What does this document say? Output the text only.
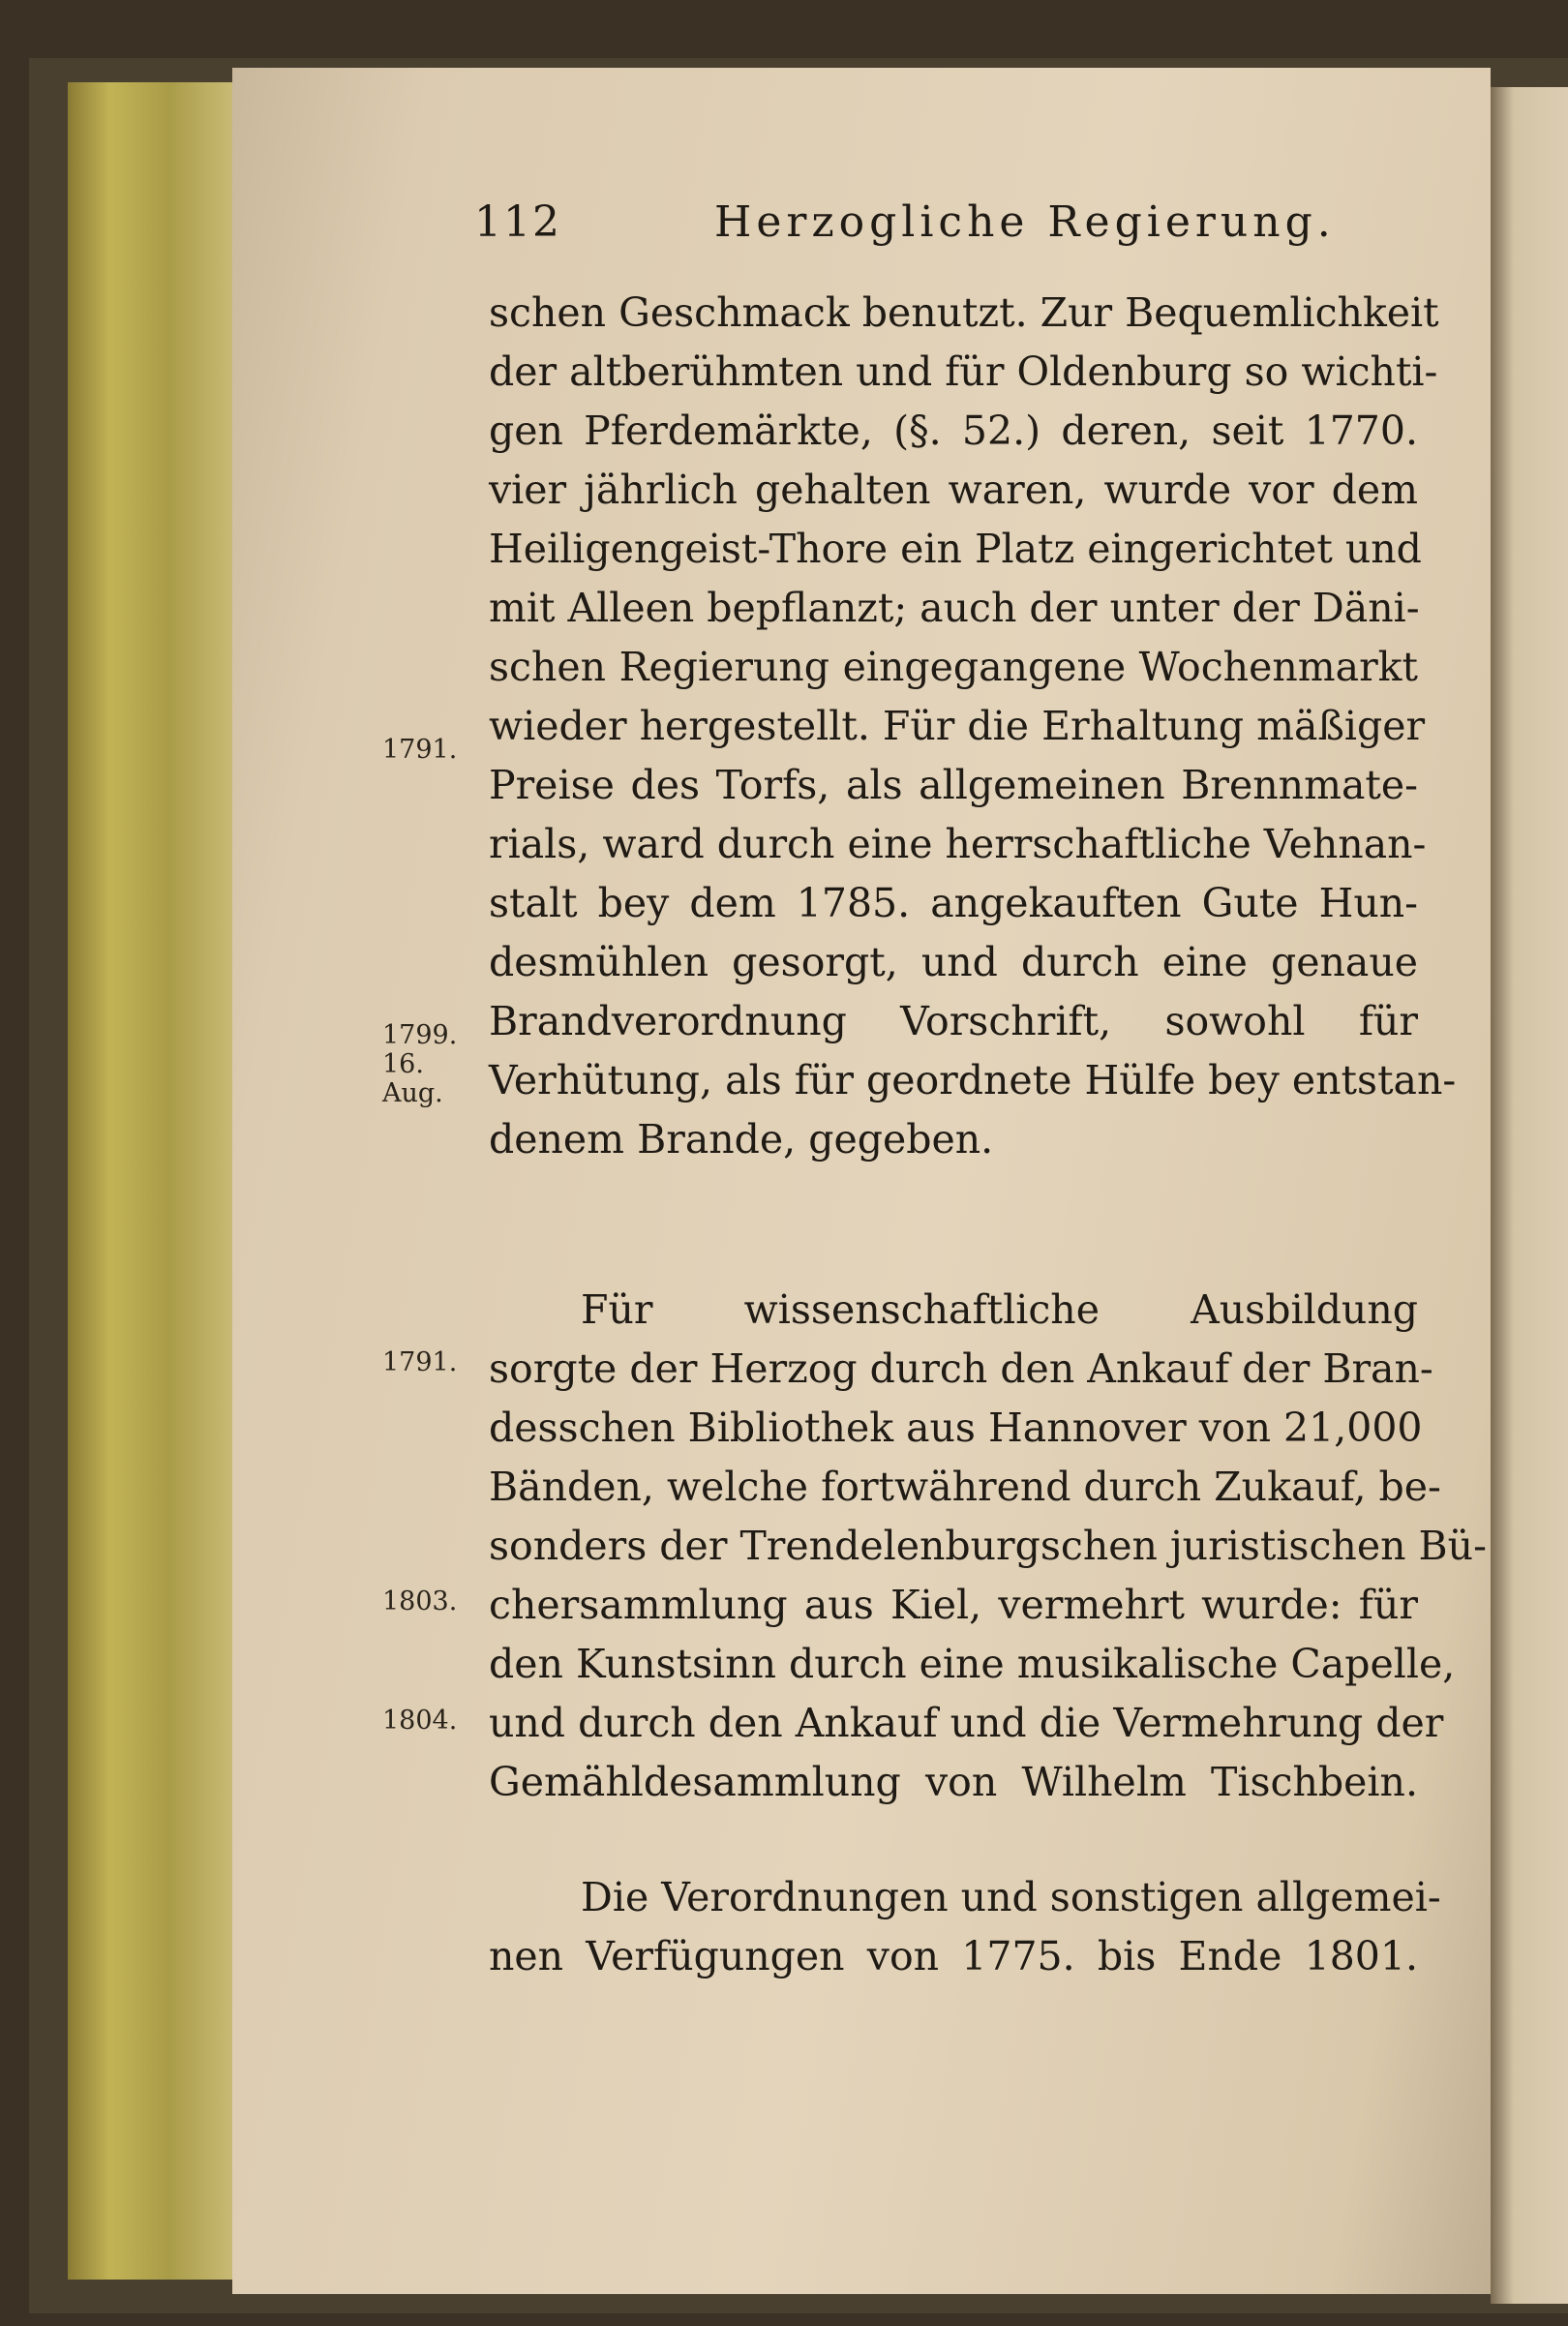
112	Herzogliche Regierung.
schen Geschmack benutzt. Zur Bequemlichkeit
der altberühmten und für Oldenburg so wichti-
gen Pferdemärkte, (§. 52.) deren, seit 1770.
vier jährlich gehalten waren, wurde vor dem
Heiligengeist-Thore ein Platz eingerichtet und
mit Alleen bepflanzt; auch der unter der Däni-
schen Regierung eingegangene Wochenmarkt
wieder hergestellt. Für die Erhaltung mäßiger
Preise des Torfs, als allgemeinen Brennmate-
rials, ward durch eine herrschaftliche Vehnan-
stalt bey dem 1785. angekauften Gute Hun-
desmühlen gesorgt, und durch eine genaue
Brandverordnung Vorschrift, sowohl für
Verhütung, als für geordnete Hülfe bey entstan-
denem Brande, gegeben.
Für wissenschaftliche Ausbildung
sorgte der Herzog durch den Ankauf der Bran-
desschen Bibliothek aus Hannover von 21,000
Bänden, welche fortwährend durch Zukauf, be-
sonders der Trendelenburgschen juristischen Bü-
chersammlung aus Kiel, vermehrt wurde: für
den Kunstsinn durch eine musikalische Capelle,
und durch den Ankauf und die Vermehrung der
Gemähldesammlung von Wilhelm Tischbein.
Die Verordnungen und sonstigen allgemei-
nen Verfügungen von 1775. bis Ende 1801.
1791.
1799. 16. Aug.
1791.
1803.
1804.
